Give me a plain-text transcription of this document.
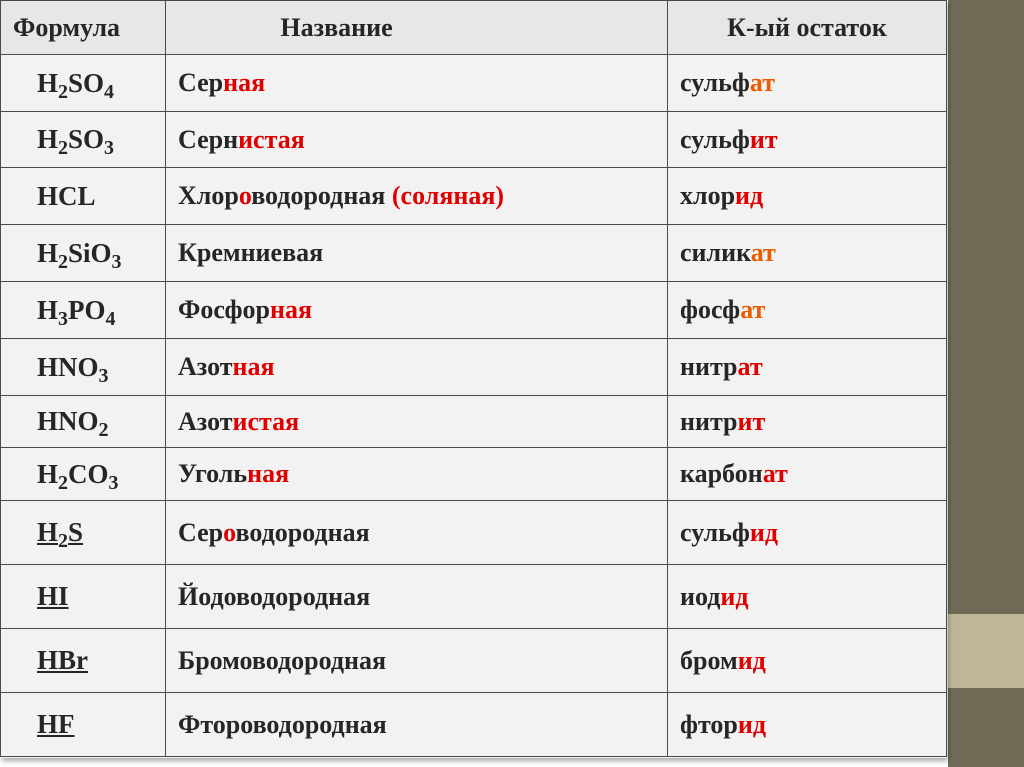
Формула	Название	К-ый остаток
$H_2SO_4$	Серная	сульфат
$H_2SO_3$	Сернистая	сульфит
HCL	Хлороводородная (соляная)	хлорид
$H_2SiO_3$	Кремниевая	силикат
$H_3PO_4$	Фосфорная	фосфат
$HNO_3$	Азотная	нитрат
$HNO_2$	Азотистая	нитрит
$H_2CO_3$	Угольная	карбонат
$H_2S$	Сероводородная	сульфид
HI	Йодоводородная	иодид
HBr	Бромоводородная	бромид
HF	Фтороводородная	фторид
